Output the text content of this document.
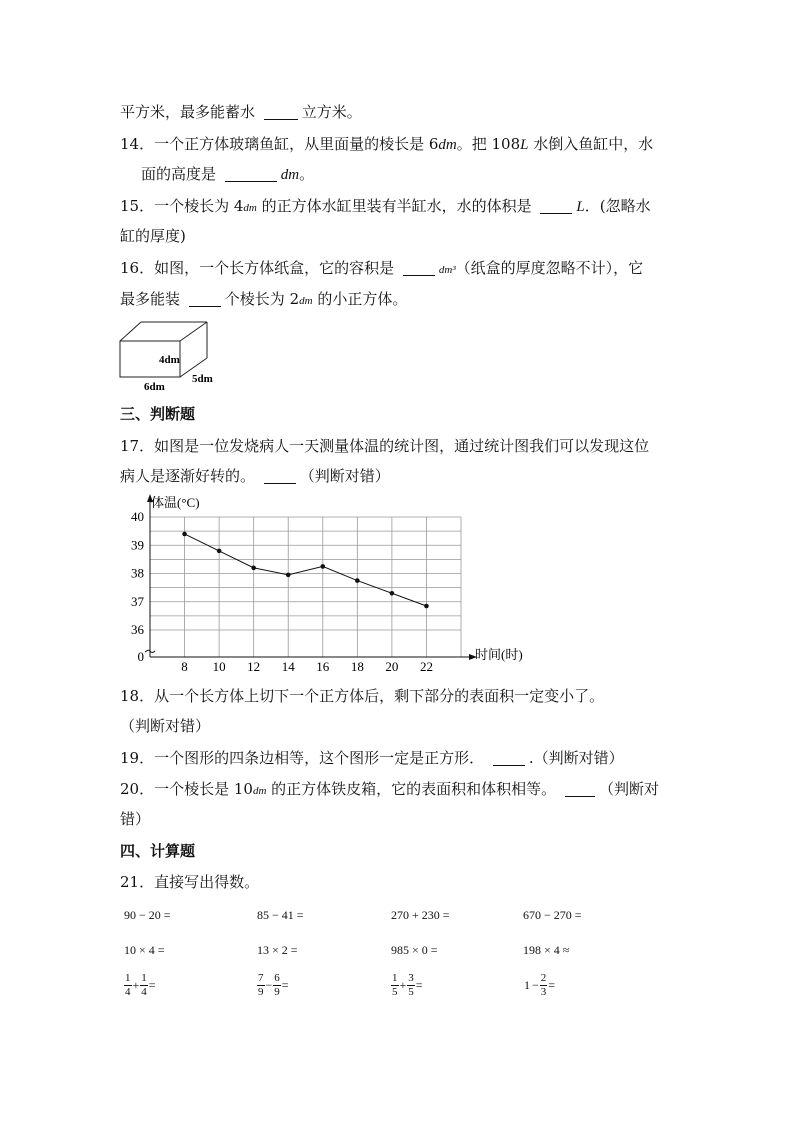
平方米，最多能蓄水	立方米。
14．一个正方体玻璃鱼缸，从里面量的棱长是 6dm。把 108L 水倒入鱼缸中，水
面的高度是	dm。
15．一个棱长为 4dm 的正方体水缸里装有半缸水，水的体积是	L．(忽略水
缸的厚度)
16．如图，一个长方体纸盒，它的容积是	dm³（纸盒的厚度忽略不计），它
最多能装	个棱长为 2dm 的小正方体。
4dm
6dm
5dm
三、判断题
17．如图是一位发烧病人一天测量体温的统计图，通过统计图我们可以发现这位
病人是逐渐好转的。	（判断对错）
0
36
37
38
39
40
8 10 12 14 16 18 20 22
体温(°C)
时间(时)
18．从一个长方体上切下一个正方体后，剩下部分的表面积一定变小了。
（判断对错）
19．一个图形的四条边相等，这个图形一定是正方形．	.（判断对错）
20．一个棱长是 10dm 的正方体铁皮箱，它的表面积和体积相等。	（判断对
错）
四、计算题
21．直接写出得数。
90 − 20 =	85 − 41 =	270 + 230 =	670 − 270 =
10 × 4 =	13 × 2 =	985 × 0 =	198 × 4 ≈
$\frac{1}{4} + \frac{1}{4}$ =	$\frac{7}{9} - \frac{6}{9}$ =	$\frac{1}{5} + \frac{3}{5}$ =	$1 - \frac{2}{3}$ =
